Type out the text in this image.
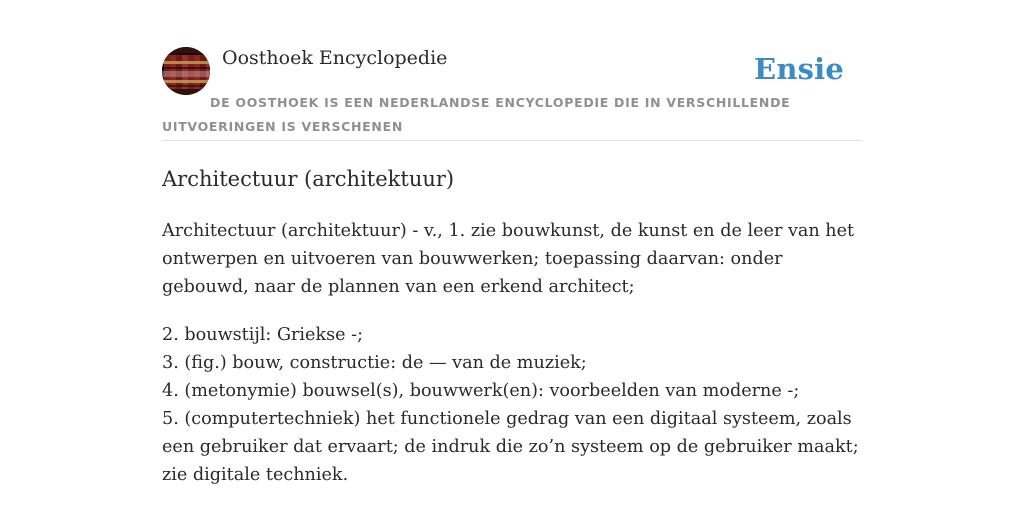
Oosthoek Encyclopedie	Ensie
DE OOSTHOEK IS EEN NEDERLANDSE ENCYCLOPEDIE DIE IN VERSCHILLENDE UITVOERINGEN IS VERSCHENEN
Architectuur (architektuur)

Architectuur (architektuur) - v., 1. zie bouwkunst, de kunst en de leer van het ontwerpen en uitvoeren van bouwwerken; toepassing daarvan: onder gebouwd, naar de plannen van een erkend architect;

2. bouwstijl: Griekse -;
3. (fig.) bouw, constructie: de — van de muziek;
4. (metonymie) bouwsel(s), bouwwerk(en): voorbeelden van moderne -;
5. (computertechniek) het functionele gedrag van een digitaal systeem, zoals een gebruiker dat ervaart; de indruk die zo’n systeem op de gebruiker maakt; zie digitale techniek.
